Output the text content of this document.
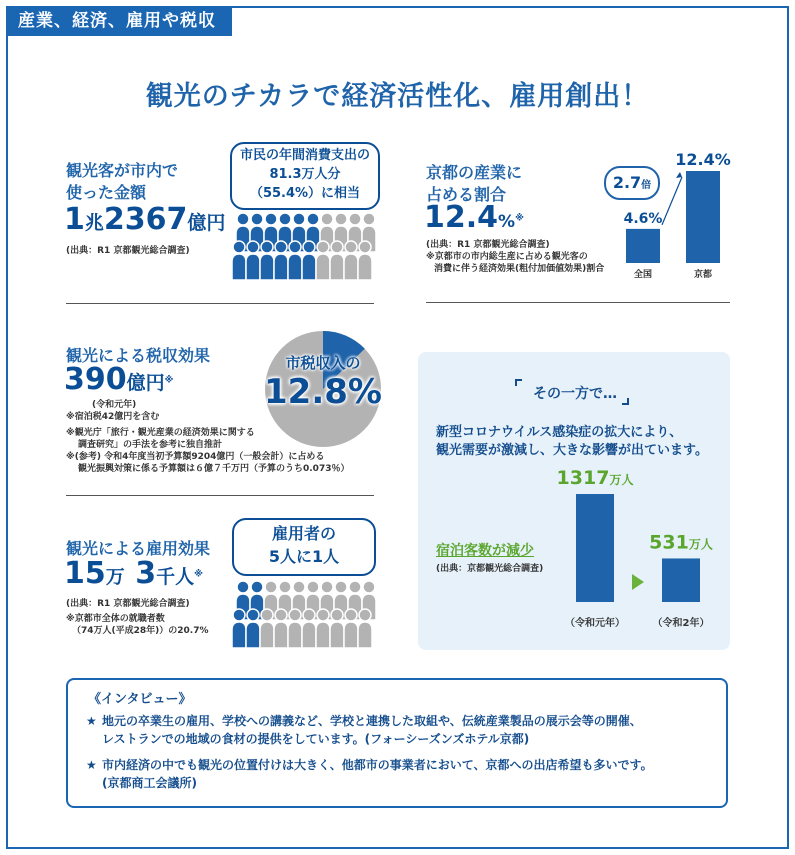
産業、経済、雇用や税収
観光のチカラで経済活性化、雇用創出！
観光客が市内で
使った金額
1兆2367億円
(出典：R1 京都観光総合調査)
市民の年間消費支出の
81.3万人分
（55.4%）に相当
京都の産業に
占める割合
12.4%※
(出典：R1 京都観光総合調査)
※京都市の市内総生産に占める観光客の
消費に伴う経済効果(粗付加価値効果)割合
4.6%
全国
12.4%
京都
2.7倍
観光による税収効果
390億円※
(令和元年)
※宿泊税42億円を含む
※観光庁「旅行・観光産業の経済効果に関する
調査研究」の手法を参考に独自推計
※(参考) 令和4年度当初予算額9204億円（一般会計）に占める
観光振興対策に係る予算額は６億７千万円（予算のうち0.073％）
市税収入の
12.8%
観光による雇用効果
15万 3千人※
(出典：R1 京都観光総合調査)
※京都市全体の就職者数
（74万人(平成28年)）の20.7%
雇用者の
5人に1人
その一方で…
新型コロナウイルス感染症の拡大により、
観光需要が激減し、大きな影響が出ています。
宿泊客数が減少
(出典：京都観光総合調査)
1317万人
（令和元年）
531万人
（令和2年）
《インタビュー》
★ 地元の卒業生の雇用、学校への講義など、学校と連携した取組や、伝統産業製品の展示会等の開催、
レストランでの地域の食材の提供をしています。(フォーシーズンズホテル京都)
★ 市内経済の中でも観光の位置付けは大きく、他都市の事業者において、京都への出店希望も多いです。
(京都商工会議所)
